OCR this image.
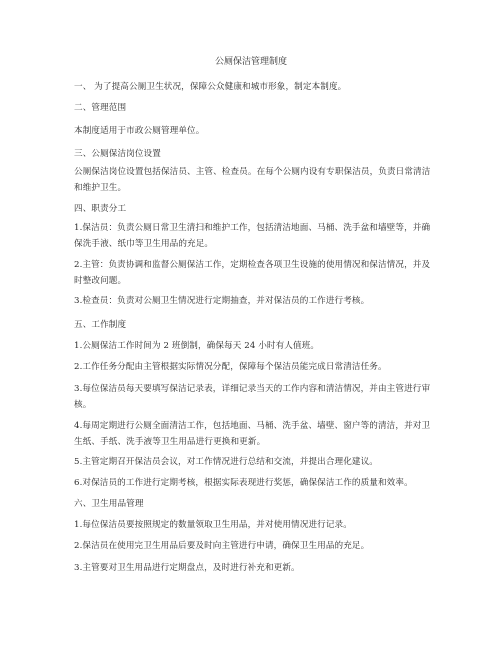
公厕保洁管理制度
一、 为了提高公厕卫生状况，保障公众健康和城市形象，制定本制度。
二、管理范围
本制度适用于市政公厕管理单位。
三、公厕保洁岗位设置
公厕保洁岗位设置包括保洁员、主管、检查员。在每个公厕内设有专职保洁员，负责日常清洁和维护卫生。
四、职责分工
1.保洁员：负责公厕日常卫生清扫和维护工作，包括清洁地面、马桶、洗手盆和墙壁等，并确保洗手液、纸巾等卫生用品的充足。
2.主管：负责协调和监督公厕保洁工作，定期检查各项卫生设施的使用情况和保洁情况，并及时整改问题。
3.检查员：负责对公厕卫生情况进行定期抽查，并对保洁员的工作进行考核。
五、工作制度
1.公厕保洁工作时间为 2 班倒制，确保每天 24 小时有人值班。
2.工作任务分配由主管根据实际情况分配，保障每个保洁员能完成日常清洁任务。
3.每位保洁员每天要填写保洁记录表，详细记录当天的工作内容和清洁情况，并由主管进行审核。
4.每周定期进行公厕全面清洁工作，包括地面、马桶、洗手盆、墙壁、窗户等的清洁，并对卫生纸、手纸、洗手液等卫生用品进行更换和更新。
5.主管定期召开保洁员会议，对工作情况进行总结和交流，并提出合理化建议。
6.对保洁员的工作进行定期考核，根据实际表现进行奖惩，确保保洁工作的质量和效率。
六、卫生用品管理
1.每位保洁员要按照规定的数量领取卫生用品，并对使用情况进行记录。
2.保洁员在使用完卫生用品后要及时向主管进行申请，确保卫生用品的充足。
3.主管要对卫生用品进行定期盘点，及时进行补充和更新。
